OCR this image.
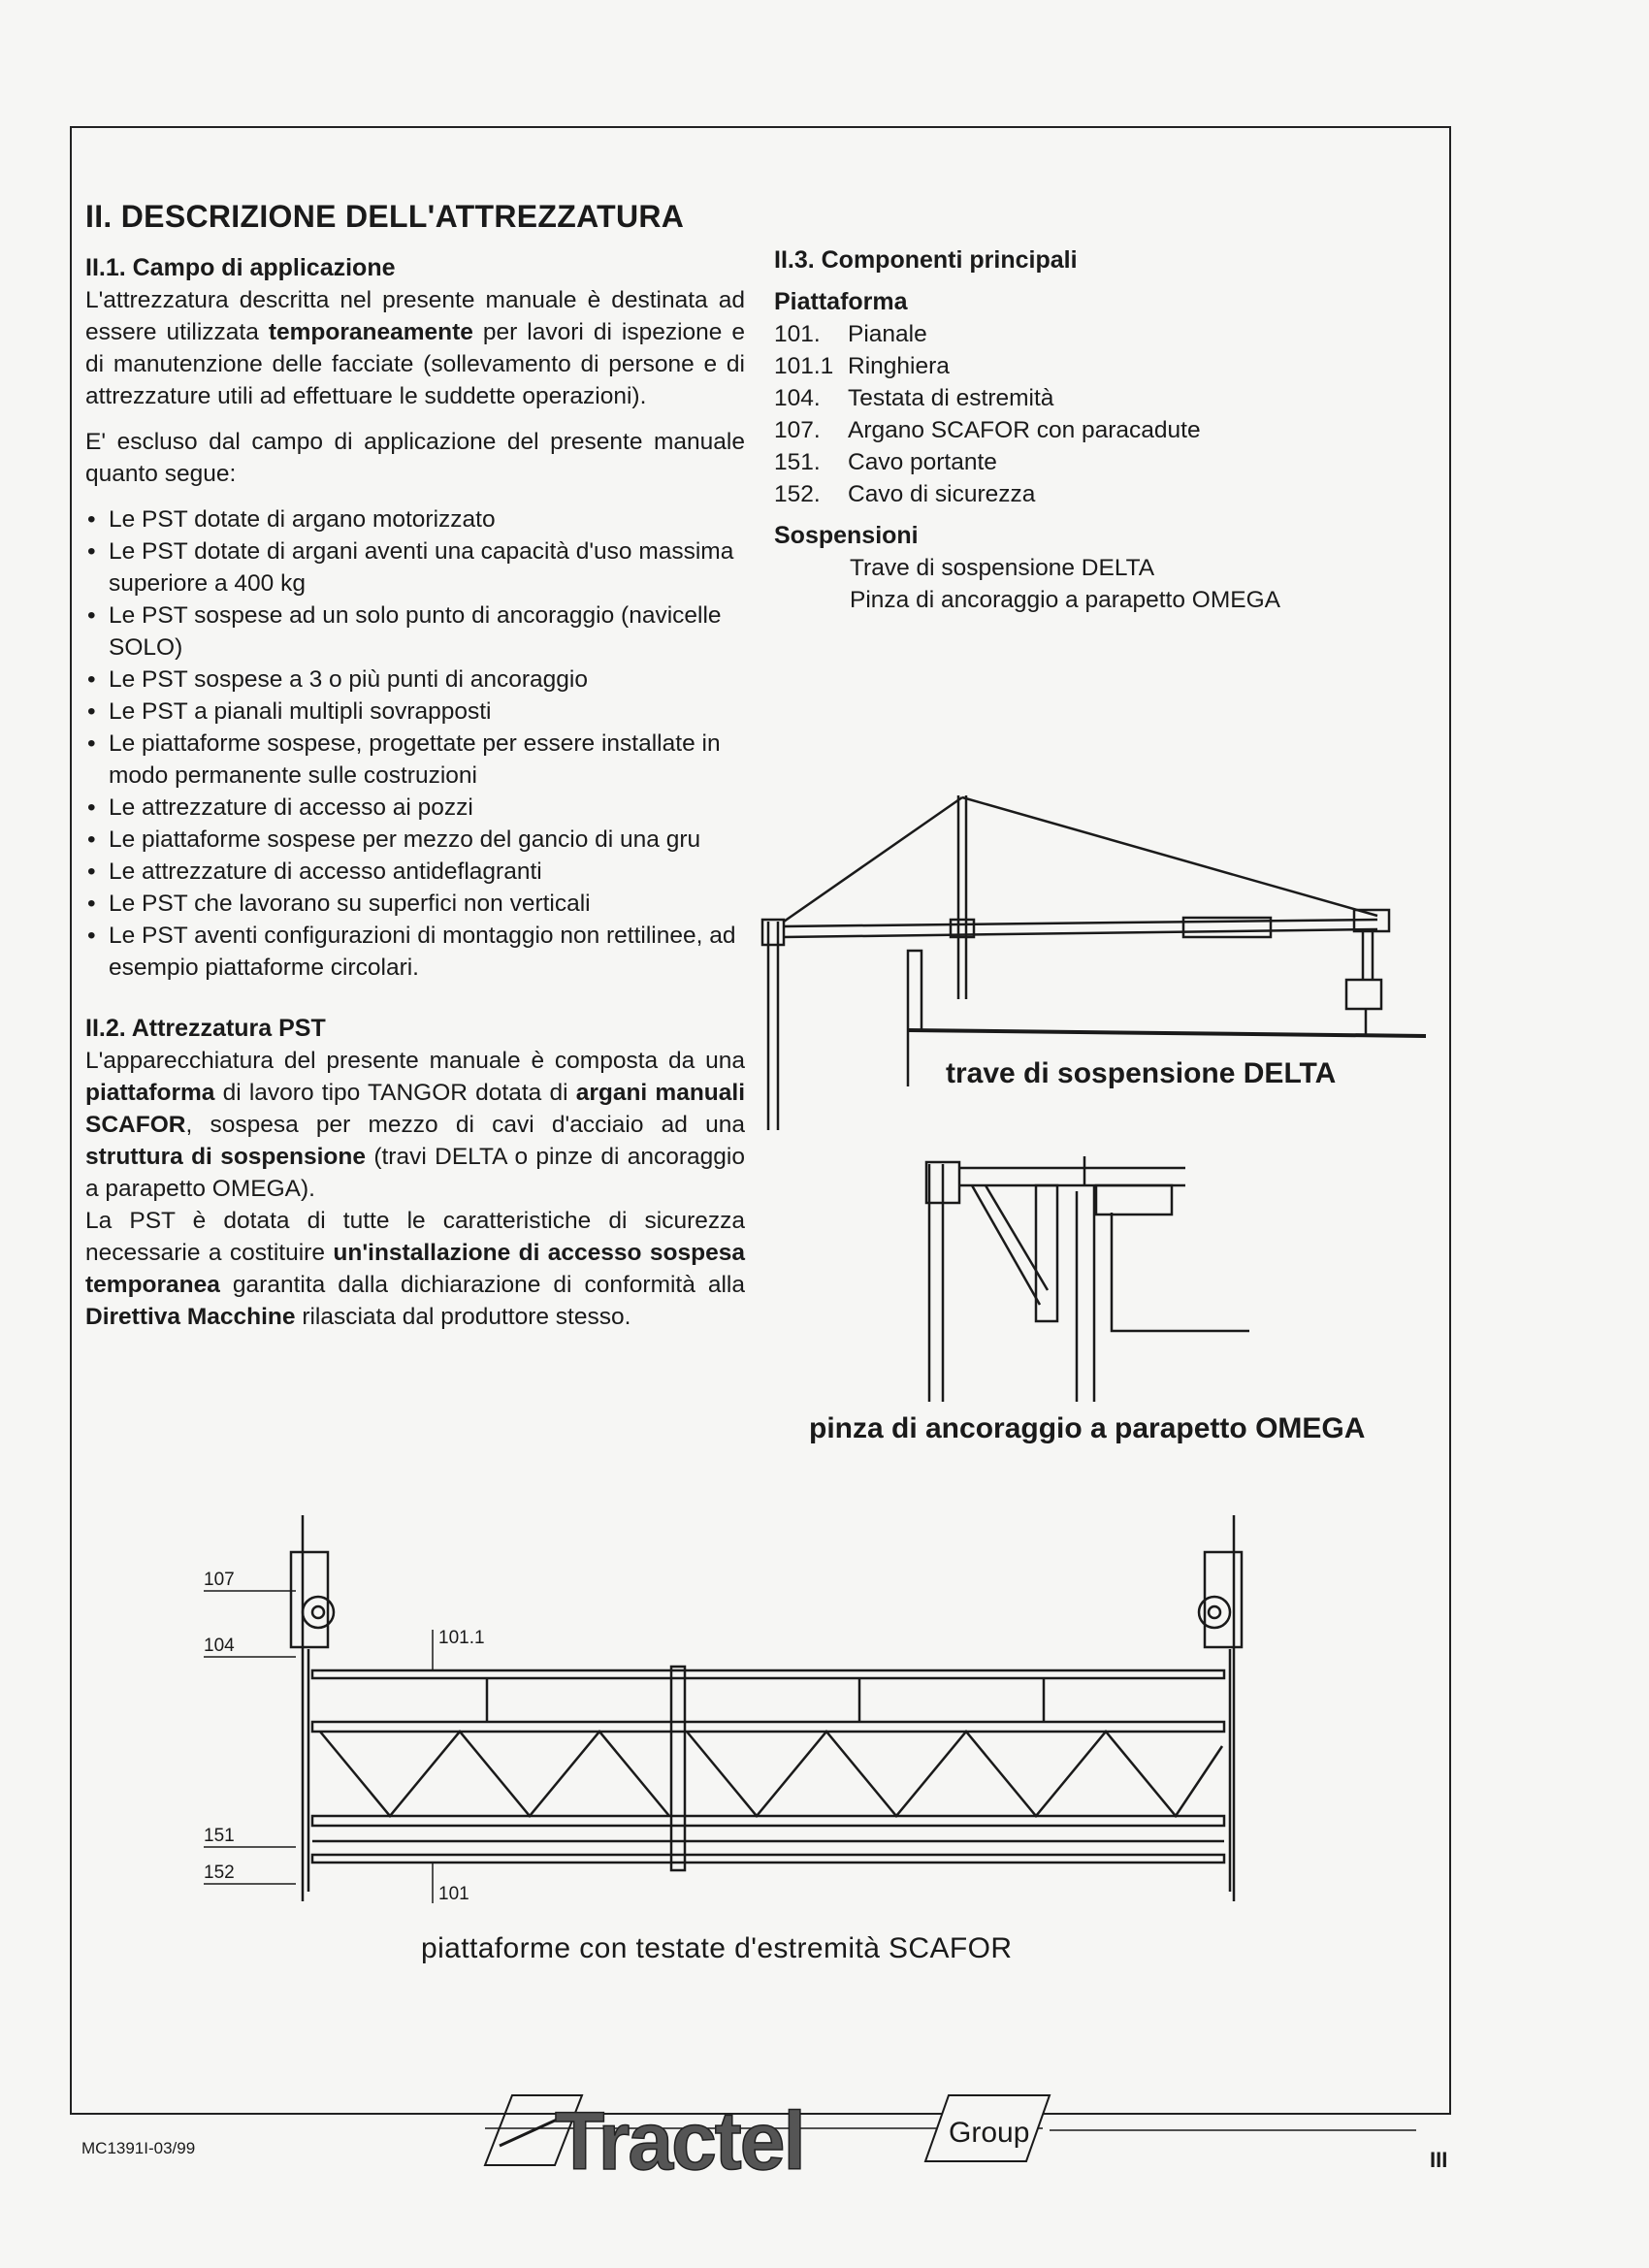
II. DESCRIZIONE DELL'ATTREZZATURA
II.1. Campo di applicazione

L'attrezzatura descritta nel presente manuale è destinata ad essere utilizzata temporaneamente per lavori di ispezione e di manutenzione delle facciate (sollevamento di persone e di attrezzature utili ad effettuare le suddette operazioni).

E' escluso dal campo di applicazione del presente manuale quanto segue:

• Le PST dotate di argano motorizzato
• Le PST dotate di argani aventi una capacità d'uso massima superiore a 400 kg
• Le PST sospese ad un solo punto di ancoraggio (navicelle SOLO)
• Le PST sospese a 3 o più punti di ancoraggio
• Le PST a pianali multipli sovrapposti
• Le piattaforme sospese, progettate per essere installate in modo permanente sulle costruzioni
• Le attrezzature di accesso ai pozzi
• Le piattaforme sospese per mezzo del gancio di una gru
• Le attrezzature di accesso antideflagranti
• Le PST che lavorano su superfici non verticali
• Le PST aventi configurazioni di montaggio non rettilinee, ad esempio piattaforme circolari.
II.2. Attrezzatura PST

L'apparecchiatura del presente manuale è composta da una piattaforma di lavoro tipo TANGOR dotata di argani manuali SCAFOR, sospesa per mezzo di cavi d'acciaio ad una struttura di sospensione (travi DELTA o pinze di ancoraggio a parapetto OMEGA).

La PST è dotata di tutte le caratteristiche di sicurezza necessarie a costituire un'installazione di accesso sospesa temporanea garantita dalla dichiarazione di conformità alla Direttiva Macchine rilasciata dal produttore stesso.

II.3. Componenti principali
Piattaforma
101.	Pianale
101.1 Ringhiera
104.	Testata di estremità
107.	Argano SCAFOR con paracadute
151.	Cavo portante
152.	Cavo di sicurezza
Sospensioni
Trave di sospensione DELTA
Pinza di ancoraggio a parapetto OMEGA
107
104	101.1
151
152
101
Tractel	Group
trave di sospensione DELTA
pinza di ancoraggio a parapetto OMEGA
piattaforme con testate d'estremità SCAFOR
MC1391I-03/99	III
